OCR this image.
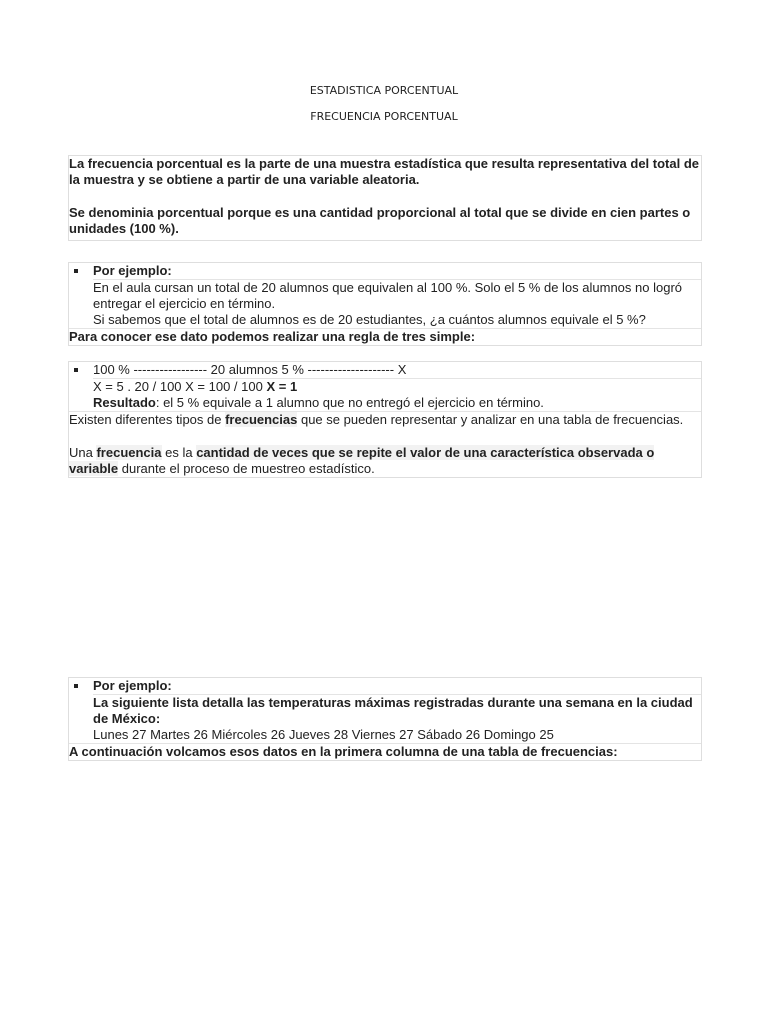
ESTADISTICA PORCENTUAL
FRECUENCIA PORCENTUAL
La frecuencia porcentual es la parte de una muestra estadística que resulta representativa del total de la muestra y se obtiene a partir de una variable aleatoria.
Se denominia porcentual porque es una cantidad proporcional al total que se divide en cien partes o unidades (100 %).
Por ejemplo:
En el aula cursan un total de 20 alumnos que equivalen al 100 %. Solo el 5 % de los alumnos no logró entregar el ejercicio en término.
Si sabemos que el total de alumnos es de 20 estudiantes, ¿a cuántos alumnos equivale el 5 %?
Para conocer ese dato podemos realizar una regla de tres simple:
100 % ----------------- 20 alumnos 5 % -------------------- X
X = 5 . 20 / 100 X = 100 / 100 X = 1
Resultado: el 5 % equivale a 1 alumno que no entregó el ejercicio en término.
Existen diferentes tipos de frecuencias que se pueden representar y analizar en una tabla de frecuencias.
Una frecuencia es la cantidad de veces que se repite el valor de una característica observada o variable durante el proceso de muestreo estadístico.
Por ejemplo:
La siguiente lista detalla las temperaturas máximas registradas durante una semana en la ciudad de México:
Lunes 27 Martes 26 Miércoles 26 Jueves 28 Viernes 27 Sábado 26 Domingo 25
A continuación volcamos esos datos en la primera columna de una tabla de frecuencias:
